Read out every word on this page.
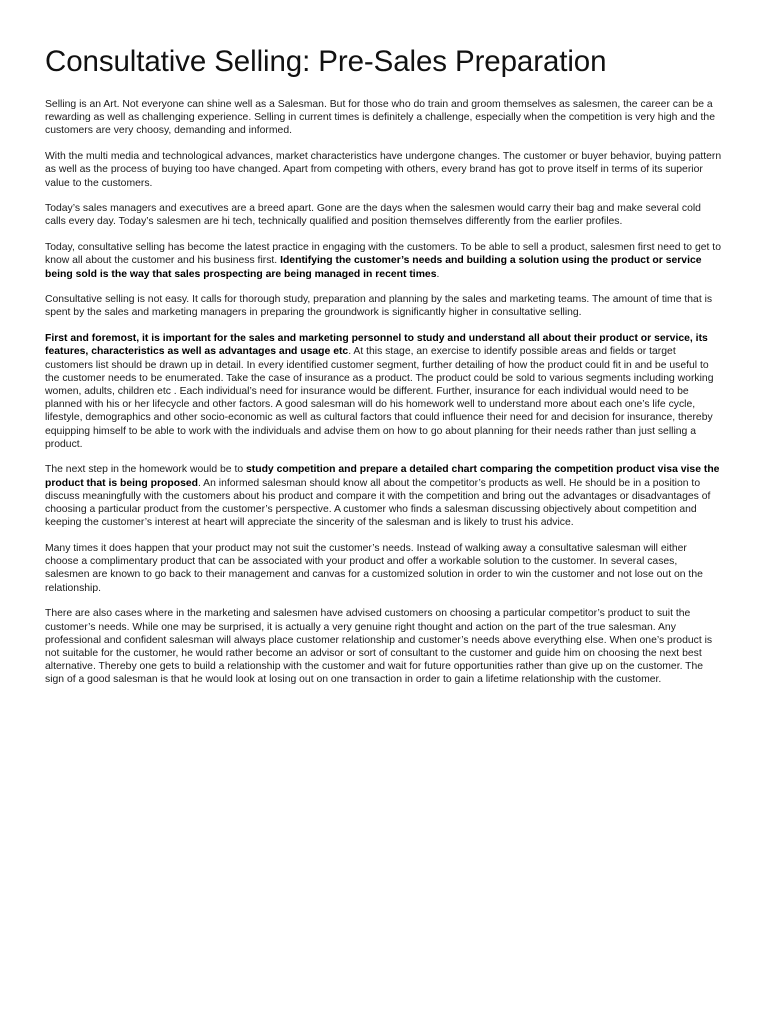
Consultative Selling: Pre-Sales Preparation

Selling is an Art. Not everyone can shine well as a Salesman. But for those who do train and groom themselves as salesmen, the career can be a rewarding as well as challenging experience. Selling in current times is definitely a challenge, especially when the competition is very high and the customers are very choosy, demanding and informed.

With the multi media and technological advances, market characteristics have undergone changes. The customer or buyer behavior, buying pattern as well as the process of buying too have changed. Apart from competing with others, every brand has got to prove itself in terms of its superior value to the customers.

Today’s sales managers and executives are a breed apart. Gone are the days when the salesmen would carry their bag and make several cold calls every day. Today’s salesmen are hi tech, technically qualified and position themselves differently from the earlier profiles.

Today, consultative selling has become the latest practice in engaging with the customers. To be able to sell a product, salesmen first need to get to know all about the customer and his business first. Identifying the customer’s needs and building a solution using the product or service being sold is the way that sales prospecting are being managed in recent times.

Consultative selling is not easy. It calls for thorough study, preparation and planning by the sales and marketing teams. The amount of time that is spent by the sales and marketing managers in preparing the groundwork is significantly higher in consultative selling.

First and foremost, it is important for the sales and marketing personnel to study and understand all about their product or service, its features, characteristics as well as advantages and usage etc. At this stage, an exercise to identify possible areas and fields or target customers list should be drawn up in detail. In every identified customer segment, further detailing of how the product could fit in and be useful to the customer needs to be enumerated. Take the case of insurance as a product. The product could be sold to various segments including working women, adults, children etc . Each individual’s need for insurance would be different. Further, insurance for each individual would need to be planned with his or her lifecycle and other factors. A good salesman will do his homework well to understand more about each one’s life cycle, lifestyle, demographics and other socio-economic as well as cultural factors that could influence their need for and decision for insurance, thereby equipping himself to be able to work with the individuals and advise them on how to go about planning for their needs rather than just selling a product.

The next step in the homework would be to study competition and prepare a detailed chart comparing the competition product visa vise the product that is being proposed. An informed salesman should know all about the competitor’s products as well. He should be in a position to discuss meaningfully with the customers about his product and compare it with the competition and bring out the advantages or disadvantages of choosing a particular product from the customer’s perspective. A customer who finds a salesman discussing objectively about competition and keeping the customer’s interest at heart will appreciate the sincerity of the salesman and is likely to trust his advice.

Many times it does happen that your product may not suit the customer’s needs. Instead of walking away a consultative salesman will either choose a complimentary product that can be associated with your product and offer a workable solution to the customer. In several cases, salesmen are known to go back to their management and canvas for a customized solution in order to win the customer and not lose out on the relationship.

There are also cases where in the marketing and salesmen have advised customers on choosing a particular competitor’s product to suit the customer’s needs. While one may be surprised, it is actually a very genuine right thought and action on the part of the true salesman. Any professional and confident salesman will always place customer relationship and customer’s needs above everything else. When one’s product is not suitable for the customer, he would rather become an advisor or sort of consultant to the customer and guide him on choosing the next best alternative. Thereby one gets to build a relationship with the customer and wait for future opportunities rather than give up on the customer. The sign of a good salesman is that he would look at losing out on one transaction in order to gain a lifetime relationship with the customer.
